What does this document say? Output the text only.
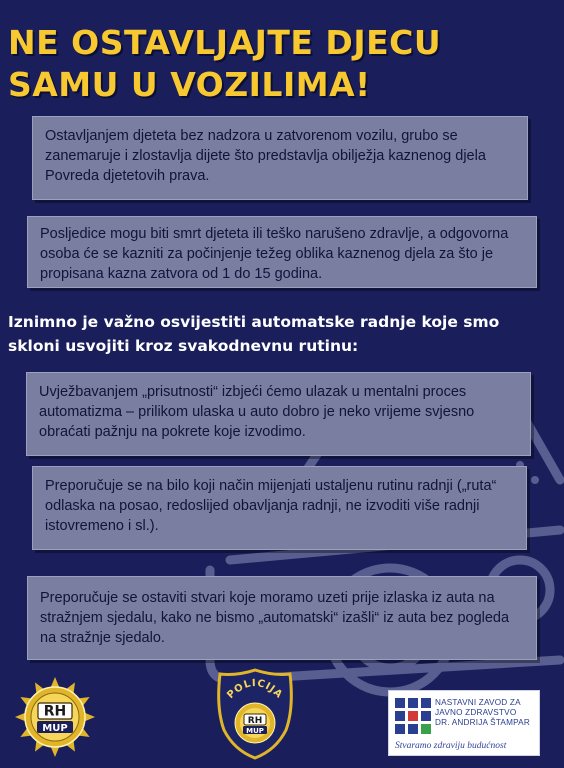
NE OSTAVLJAJTE DJECU
SAMU U VOZILIMA!
Ostavljanjem djeteta bez nadzora u zatvorenom vozilu, grubo se zanemaruje i zlostavlja dijete što predstavlja obilježja kaznenog djela Povreda djetetovih prava.
Posljedice mogu biti smrt djeteta ili teško narušeno zdravlje, a odgovorna osoba će se kazniti za počinjenje težeg oblika kaznenog djela za što je propisana kazna zatvora od 1 do 15 godina.

Iznimno je važno osvijestiti automatske radnje koje smo skloni usvojiti kroz svakodnevnu rutinu:

Uvježbavanjem „prisutnosti“ izbjeći ćemo ulazak u mentalni proces automatizma – prilikom ulaska u auto dobro je neko vrijeme svjesno obraćati pažnju na pokrete koje izvodimo.
Preporučuje se na bilo koji način mijenjati ustaljenu rutinu radnji („ruta“ odlaska na posao, redoslijed obavljanja radnji, ne izvoditi više radnji istovremeno i sl.).
Preporučuje se ostaviti stvari koje moramo uzeti prije izlaska iz auta na stražnjem sjedalu, kako ne bismo „automatski“ izašli“ iz auta bez pogleda na stražnje sjedalo.
RH
MUP
POLICIJA
RH
MUP
NASTAVNI ZAVOD ZA
JAVNO ZDRAVSTVO
DR. ANDRIJA ŠTAMPAR
Stvaramo zdraviju budućnost
